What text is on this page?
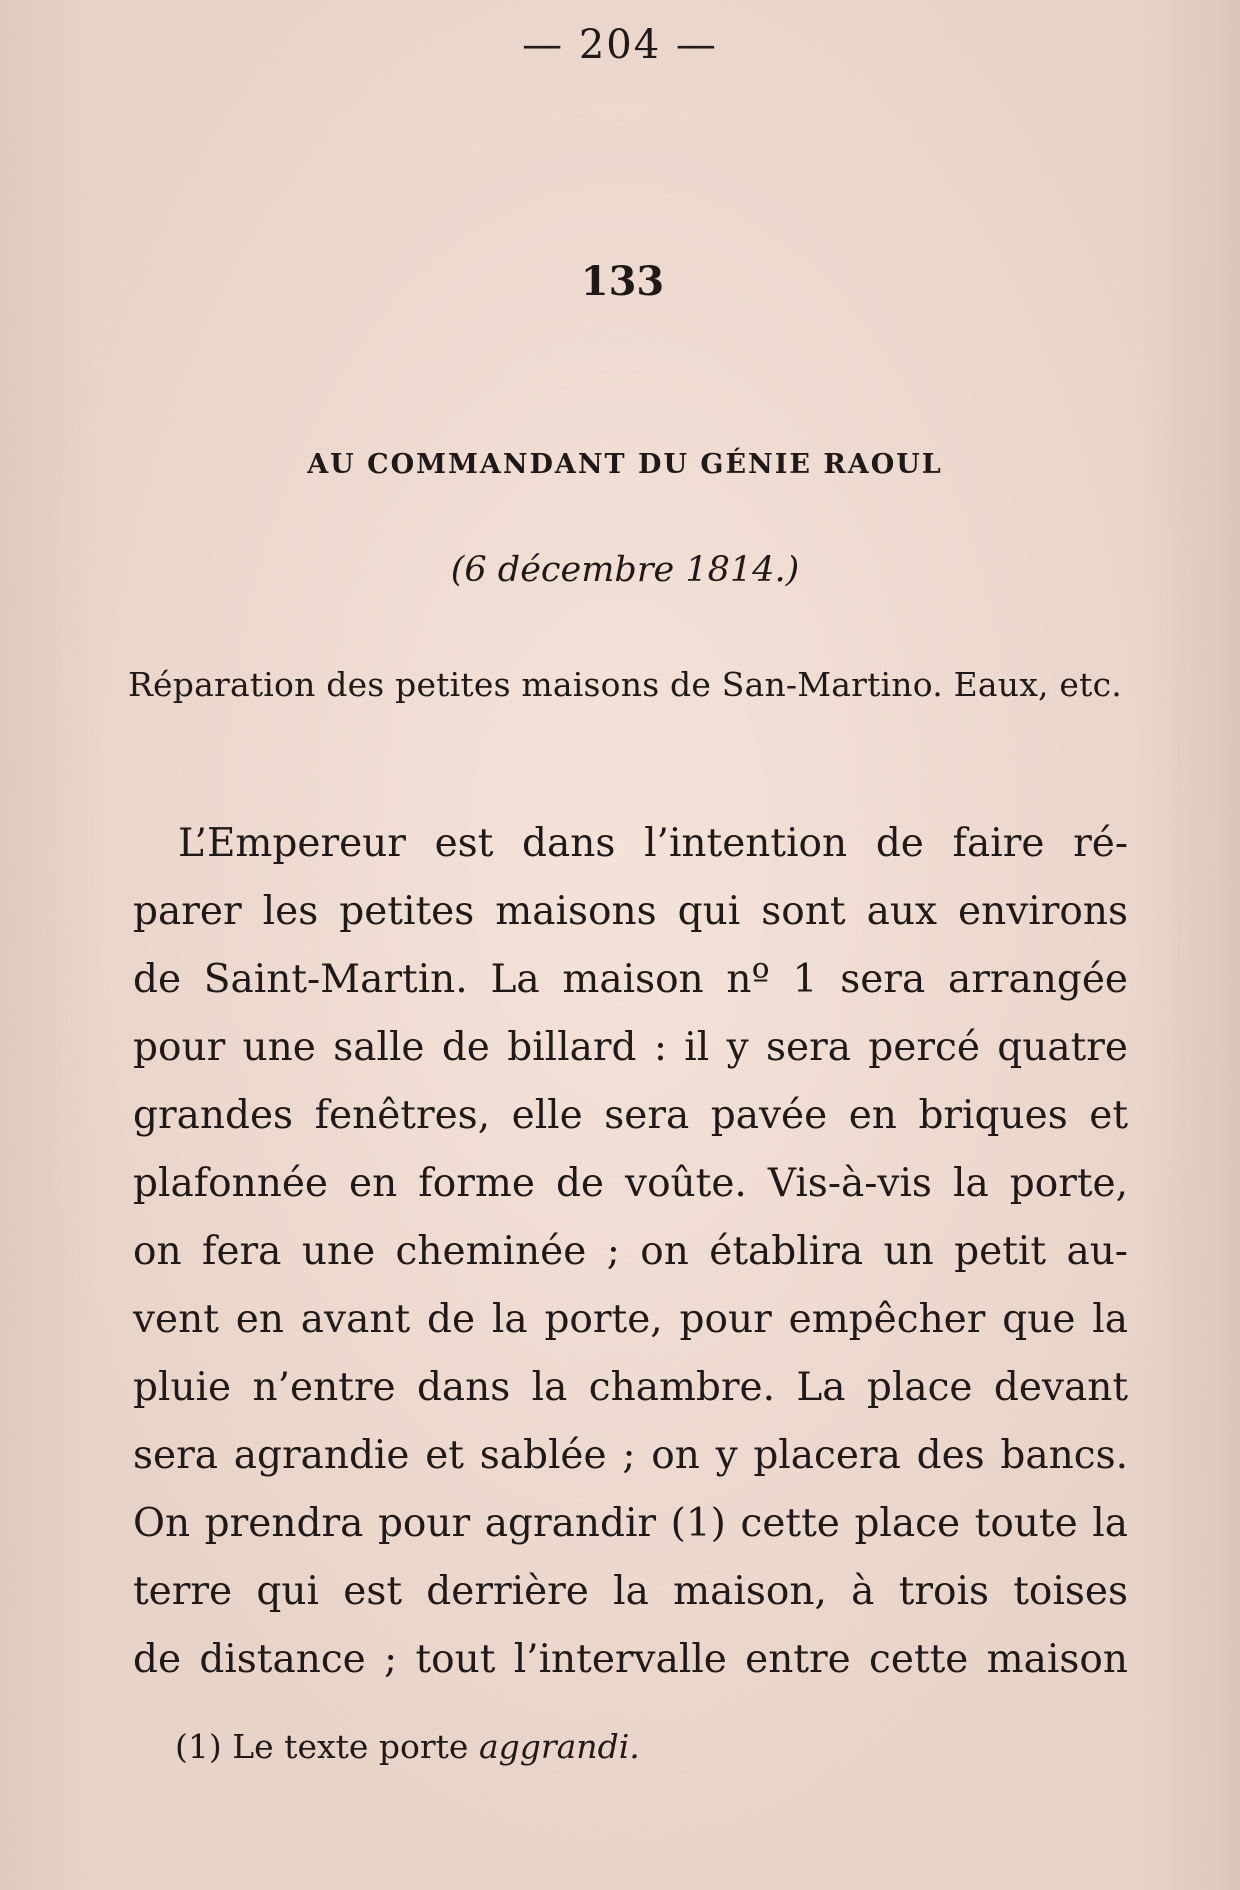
— 204 —
133
AU COMMANDANT DU GÉNIE RAOUL
(6 décembre 1814.)
Réparation des petites maisons de San-Martino. Eaux, etc.
L’Empereur est dans l’intention de faire ré-
parer les petites maisons qui sont aux environs
de Saint-Martin. La maison nº 1 sera arrangée
pour une salle de billard : il y sera percé quatre
grandes fenêtres, elle sera pavée en briques et
plafonnée en forme de voûte. Vis-à-vis la porte,
on fera une cheminée ; on établira un petit au-
vent en avant de la porte, pour empêcher que la
pluie n’entre dans la chambre. La place devant
sera agrandie et sablée ; on y placera des bancs.
On prendra pour agrandir (1) cette place toute la
terre qui est derrière la maison, à trois toises
de distance ; tout l’intervalle entre cette maison
(1) Le texte porte aggrandi.
